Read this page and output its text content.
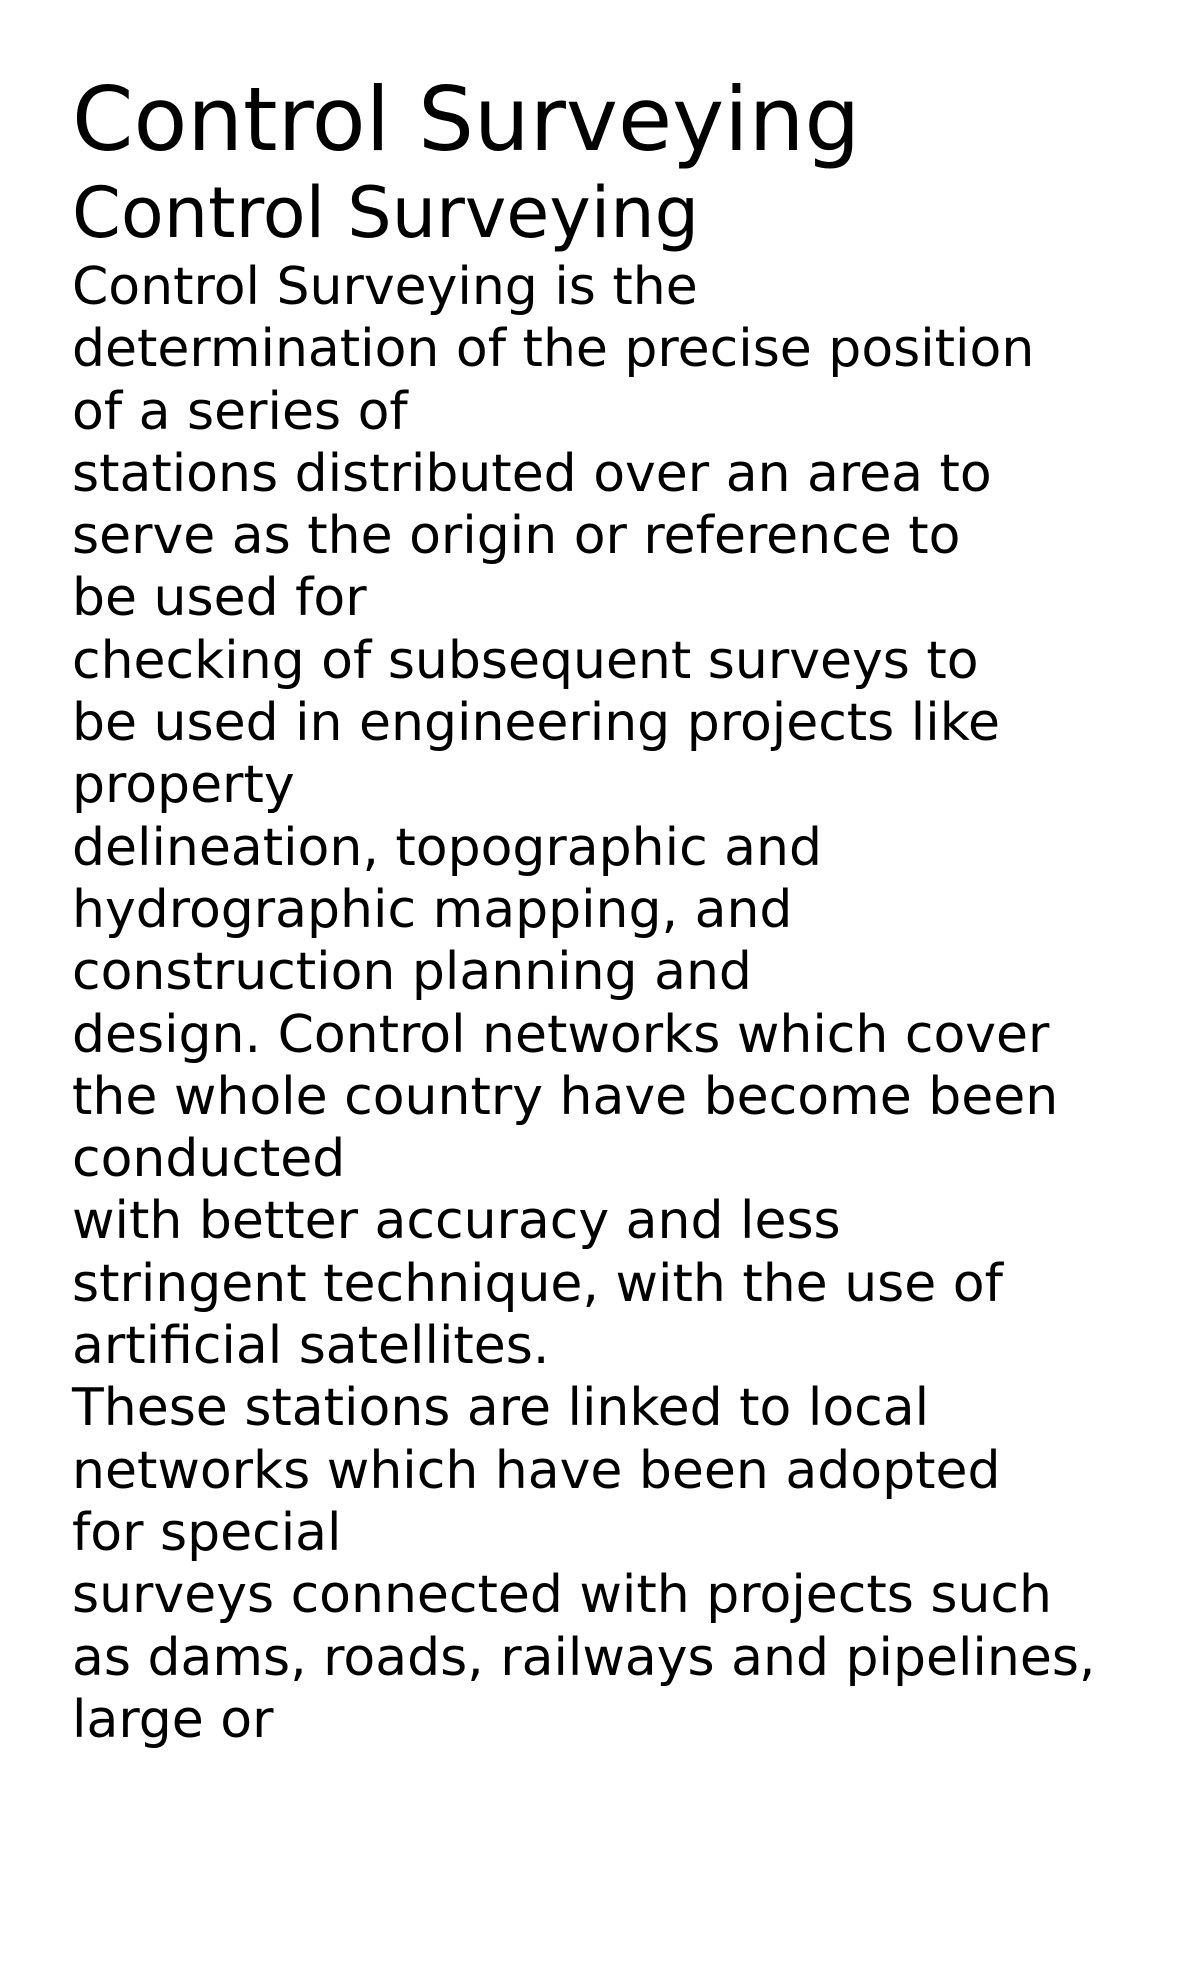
Control Surveying
Control Surveying
Control Surveying is the
determination of the precise position
of a series of
stations distributed over an area to
serve as the origin or reference to
be used for
checking of subsequent surveys to
be used in engineering projects like
property
delineation, topographic and
hydrographic mapping, and
construction planning and
design. Control networks which cover
the whole country have become been
conducted
with better accuracy and less
stringent technique, with the use of
artificial satellites.
These stations are linked to local
networks which have been adopted
for special
surveys connected with projects such
as dams, roads, railways and pipelines,
large or
